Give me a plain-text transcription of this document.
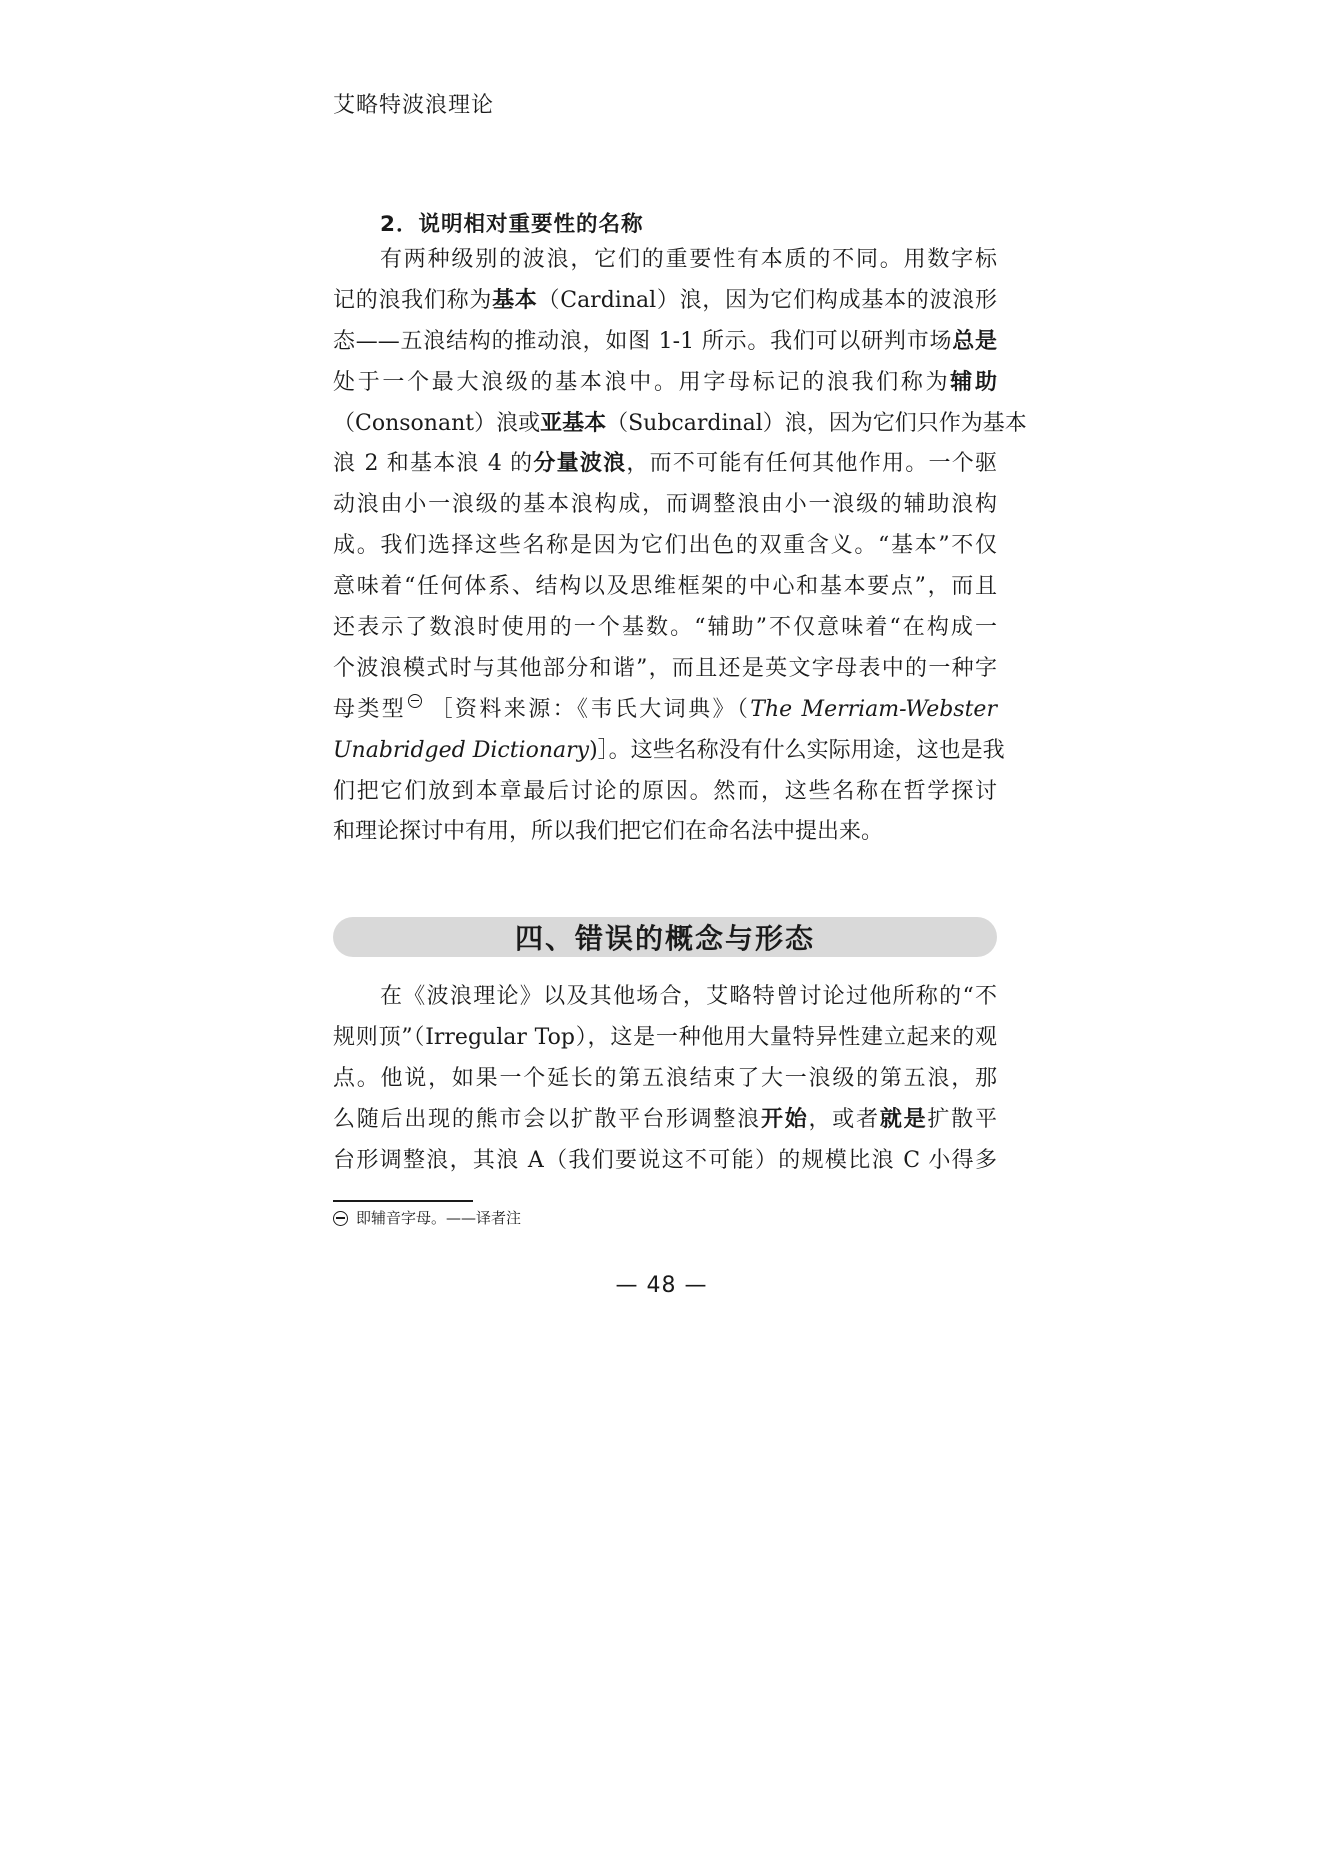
艾略特波浪理论
2．说明相对重要性的名称
有两种级别的波浪，它们的重要性有本质的不同。用数字标
记的浪我们称为基本（Cardinal）浪，因为它们构成基本的波浪形
态——五浪结构的推动浪，如图 1-1 所示。我们可以研判市场总是
处于一个最大浪级的基本浪中。用字母标记的浪我们称为辅助
（Consonant）浪或亚基本（Subcardinal）浪，因为它们只作为基本
浪 2 和基本浪 4 的分量波浪，而不可能有任何其他作用。一个驱
动浪由小一浪级的基本浪构成，而调整浪由小一浪级的辅助浪构
成。我们选择这些名称是因为它们出色的双重含义。“基本”不仅
意味着“任何体系、结构以及思维框架的中心和基本要点”，而且
还表示了数浪时使用的一个基数。“辅助”不仅意味着“在构成一
个波浪模式时与其他部分和谐”，而且还是英文字母表中的一种字
母类型 ［资料来源：《韦氏大词典》（The Merriam-Webster
Unabridged Dictionary)］。这些名称没有什么实际用途，这也是我
们把它们放到本章最后讨论的原因。然而，这些名称在哲学探讨
和理论探讨中有用，所以我们把它们在命名法中提出来。
四、错误的概念与形态
在《波浪理论》以及其他场合，艾略特曾讨论过他所称的“不
规则顶”（Irregular Top），这是一种他用大量特异性建立起来的观
点。他说，如果一个延长的第五浪结束了大一浪级的第五浪，那
么随后出现的熊市会以扩散平台形调整浪开始，或者就是扩散平
台形调整浪，其浪 A（我们要说这不可能）的规模比浪 C 小得多
即辅音字母。——译者注
— 48 —
